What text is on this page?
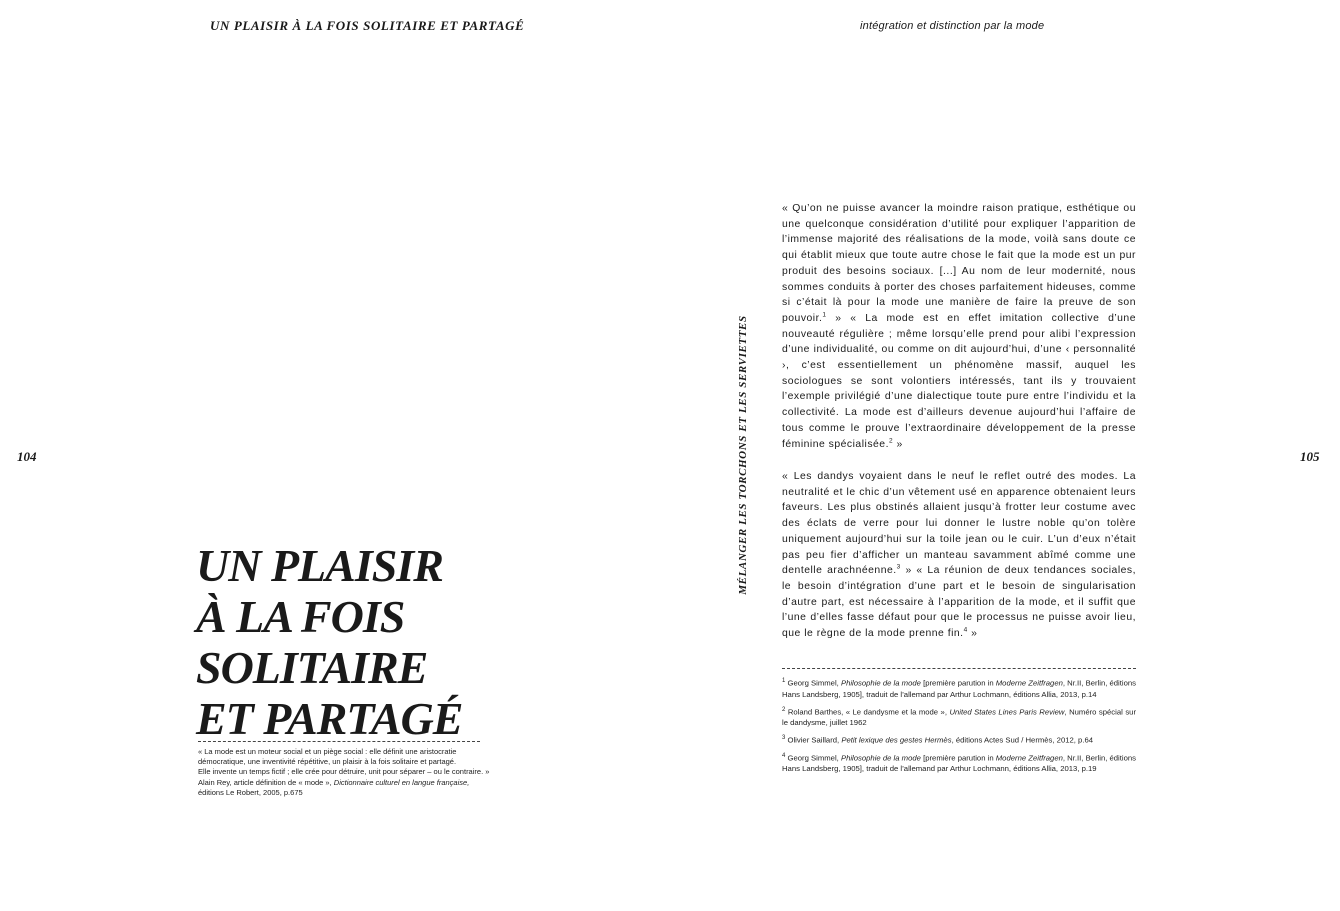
UN PLAISIR À LA FOIS SOLITAIRE ET PARTAGÉ	intégration et distinction par la mode
104	105
UN PLAISIR
À LA FOIS
SOLITAIRE
ET PARTAGÉ
« La mode est un moteur social et un piège social : elle définit une aristocratie
démocratique, une inventivité répétitive, un plaisir à la fois solitaire et partagé.
Elle invente un temps fictif ; elle crée pour détruire, unit pour séparer – ou le contraire. »
Alain Rey, article définition de « mode », Dictionnaire culturel en langue française,
éditions Le Robert, 2005, p.675
MÉLANGER LES TORCHONS ET LES SERVIETTES

« Qu’on ne puisse avancer la moindre raison pratique, esthétique ou une quelconque considération d’utilité pour expliquer l’apparition de l’immense majorité des réalisations de la mode, voilà sans doute ce qui établit mieux que toute autre chose le fait que la mode est un pur produit des besoins sociaux. [...] Au nom de leur modernité, nous sommes conduits à porter des choses parfaitement hideuses, comme si c’était là pour la mode une manière de faire la preuve de son pouvoir.$^1$ » « La mode est en effet imitation collective d’une nouveauté régulière ; même lorsqu’elle prend pour alibi l’expression d’une individualité, ou comme on dit aujourd’hui, d’une ‹ personnalité ›, c’est essentiellement un phénomène massif, auquel les sociologues se sont volontiers intéressés, tant ils y trouvaient l’exemple privilégié d’une dialectique toute pure entre l’individu et la collectivité. La mode est d’ailleurs devenue aujourd’hui l’affaire de tous comme le prouve l’extraordinaire développement de la presse féminine spécialisée.$^2$ »

« Les dandys voyaient dans le neuf le reflet outré des modes. La neutralité et le chic d’un vêtement usé en apparence obtenaient leurs faveurs. Les plus obstinés allaient jusqu’à frotter leur costume avec des éclats de verre pour lui donner le lustre noble qu’on tolère uniquement aujourd’hui sur la toile jean ou le cuir. L’un d’eux n’était pas peu fier d’afficher un manteau savamment abîmé comme une dentelle arachnéenne.$^3$ » « La réunion de deux tendances sociales, le besoin d’intégration d’une part et le besoin de singularisation d’autre part, est nécessaire à l’apparition de la mode, et il suffit que l’une d’elles fasse défaut pour que le processus ne puisse avoir lieu, que le règne de la mode prenne fin.$^4$ »

$^1$ Georg Simmel, Philosophie de la mode [première parution in Moderne Zeitfragen, Nr.II, Berlin, éditions Hans Landsberg, 1905], traduit de l’allemand par Arthur Lochmann, éditions Allia, 2013, p.14
$^2$ Roland Barthes, « Le dandysme et la mode », United States Lines Paris Review, Numéro spécial sur le dandysme, juillet 1962
$^3$ Olivier Saillard, Petit lexique des gestes Hermès, éditions Actes Sud / Hermès, 2012, p.64
$^4$ Georg Simmel, Philosophie de la mode [première parution in Moderne Zeitfragen, Nr.II, Berlin, éditions Hans Landsberg, 1905], traduit de l’allemand par Arthur Lochmann, éditions Allia, 2013, p.19
